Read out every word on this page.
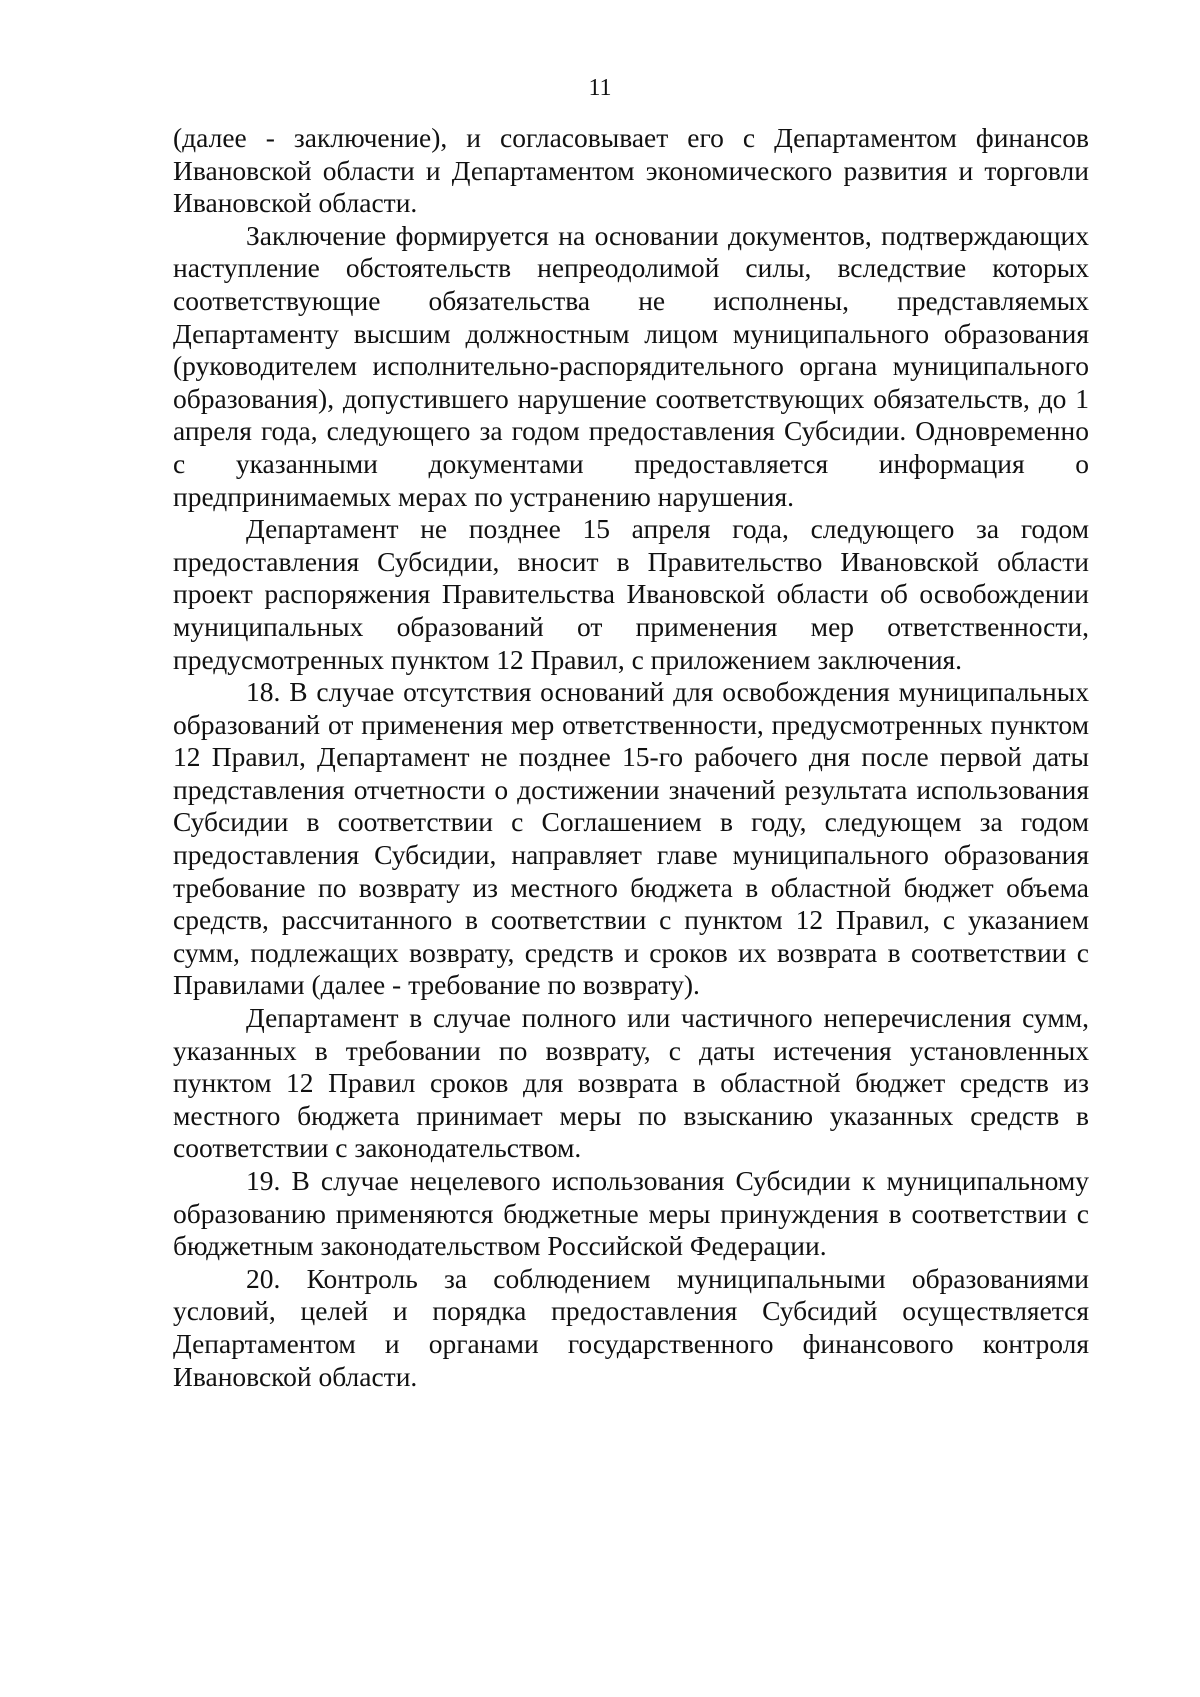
11

(далее - заключение), и согласовывает его с Департаментом финансов Ивановской области и Департаментом экономического развития и торговли Ивановской области.

Заключение формируется на основании документов, подтверждающих наступление обстоятельств непреодолимой силы, вследствие которых соответствующие обязательства не исполнены, представляемых Департаменту высшим должностным лицом муниципального образования (руководителем исполнительно-распорядительного органа муниципального образования), допустившего нарушение соответствующих обязательств, до 1 апреля года, следующего за годом предоставления Субсидии. Одновременно с указанными документами предоставляется информация о предпринимаемых мерах по устранению нарушения.

Департамент не позднее 15 апреля года, следующего за годом предоставления Субсидии, вносит в Правительство Ивановской области проект распоряжения Правительства Ивановской области об освобождении муниципальных образований от применения мер ответственности, предусмотренных пунктом 12 Правил, с приложением заключения.

18. В случае отсутствия оснований для освобождения муниципальных образований от применения мер ответственности, предусмотренных пунктом 12 Правил, Департамент не позднее 15-го рабочего дня после первой даты представления отчетности о достижении значений результата использования Субсидии в соответствии с Соглашением в году, следующем за годом предоставления Субсидии, направляет главе муниципального образования требование по возврату из местного бюджета в областной бюджет объема средств, рассчитанного в соответствии с пунктом 12 Правил, с указанием сумм, подлежащих возврату, средств и сроков их возврата в соответствии с Правилами (далее - требование по возврату).

Департамент в случае полного или частичного неперечисления сумм, указанных в требовании по возврату, с даты истечения установленных пунктом 12 Правил сроков для возврата в областной бюджет средств из местного бюджета принимает меры по взысканию указанных средств в соответствии с законодательством.

19. В случае нецелевого использования Субсидии к муниципальному образованию применяются бюджетные меры принуждения в соответствии с бюджетным законодательством Российской Федерации.

20. Контроль за соблюдением муниципальными образованиями условий, целей и порядка предоставления Субсидий осуществляется Департаментом и органами государственного финансового контроля Ивановской области.
